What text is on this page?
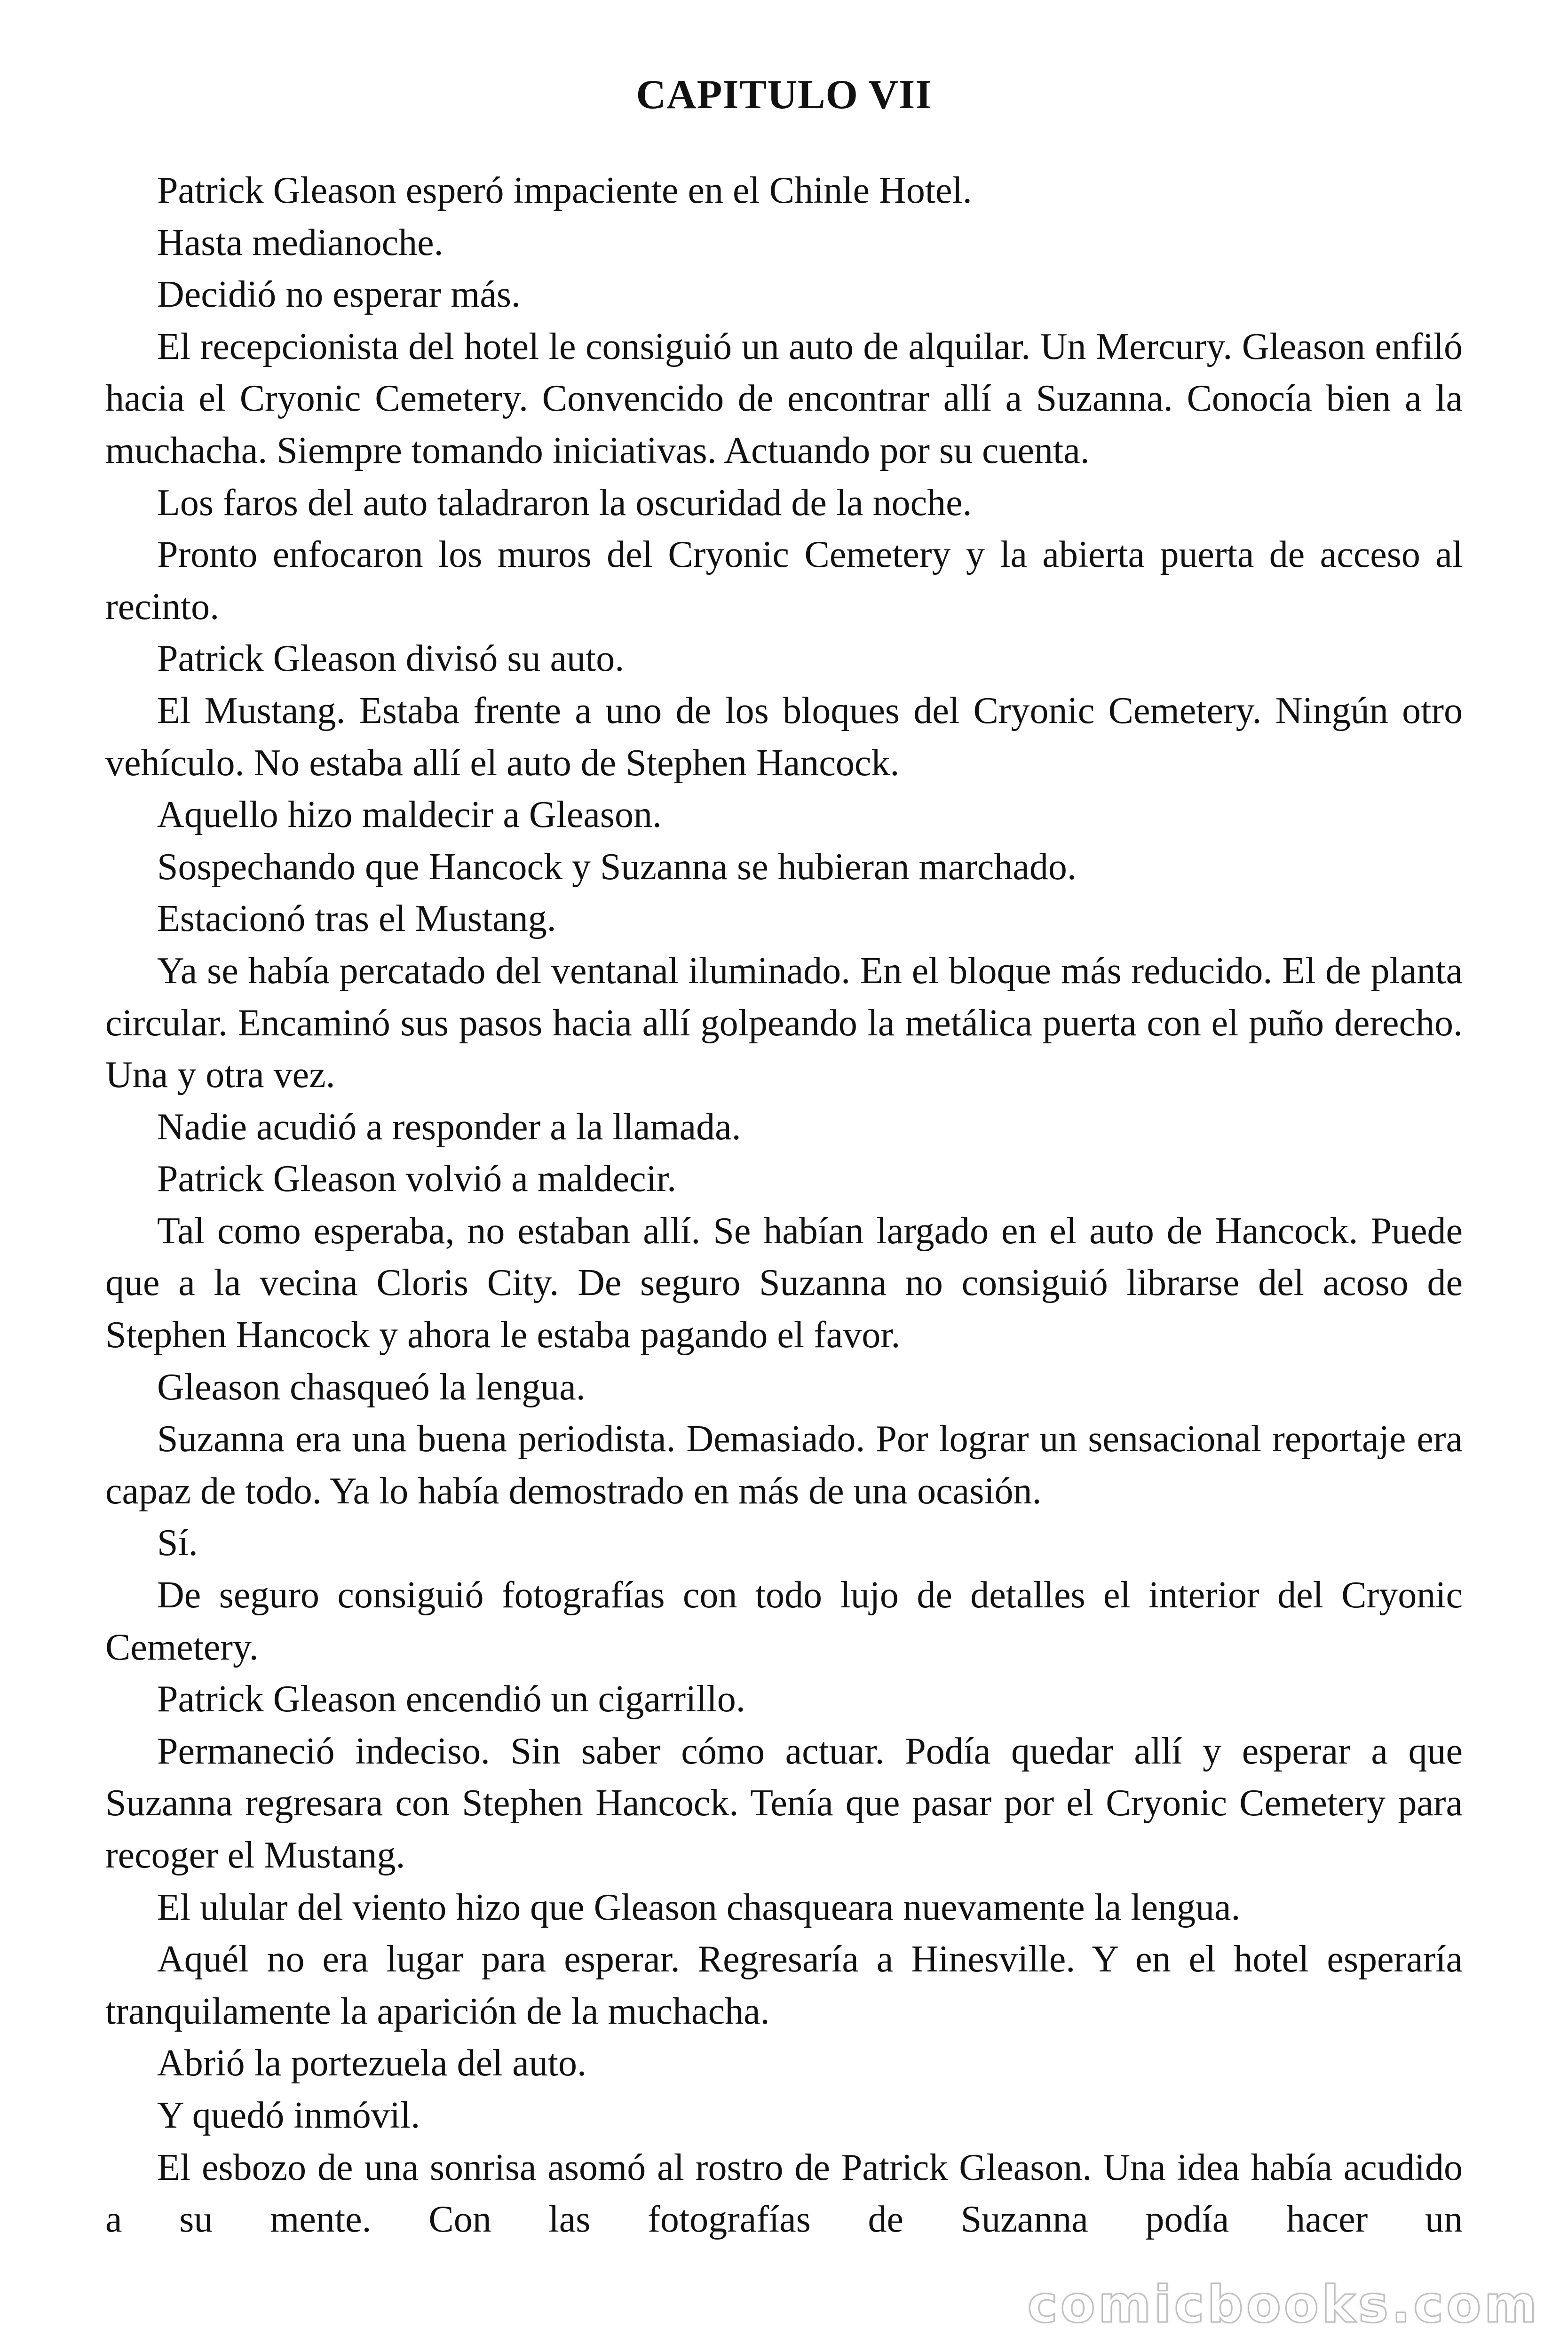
CAPITULO VII

Patrick Gleason esperó impaciente en el Chinle Hotel.

Hasta medianoche.

Decidió no esperar más.

El recepcionista del hotel le consiguió un auto de alquilar. Un Mercury. Gleason enfiló hacia el Cryonic Cemetery. Convencido de encontrar allí a Suzanna. Conocía bien a la muchacha. Siempre tomando iniciativas. Actuando por su cuenta.

Los faros del auto taladraron la oscuridad de la noche.

Pronto enfocaron los muros del Cryonic Cemetery y la abierta puerta de acceso al recinto.

Patrick Gleason divisó su auto.

El Mustang. Estaba frente a uno de los bloques del Cryonic Cemetery. Ningún otro vehículo. No estaba allí el auto de Stephen Hancock.

Aquello hizo maldecir a Gleason.

Sospechando que Hancock y Suzanna se hubieran marchado.

Estacionó tras el Mustang.

Ya se había percatado del ventanal iluminado. En el bloque más reducido. El de planta circular. Encaminó sus pasos hacia allí golpeando la metálica puerta con el puño derecho. Una y otra vez.

Nadie acudió a responder a la llamada.

Patrick Gleason volvió a maldecir.

Tal como esperaba, no estaban allí. Se habían largado en el auto de Hancock. Puede que a la vecina Cloris City. De seguro Suzanna no consiguió librarse del acoso de Stephen Hancock y ahora le estaba pagando el favor.

Gleason chasqueó la lengua.

Suzanna era una buena periodista. Demasiado. Por lograr un sensacional reportaje era capaz de todo. Ya lo había demostrado en más de una ocasión.

Sí.

De seguro consiguió fotografías con todo lujo de detalles el interior del Cryonic Cemetery.

Patrick Gleason encendió un cigarrillo.

Permaneció indeciso. Sin saber cómo actuar. Podía quedar allí y esperar a que Suzanna regresara con Stephen Hancock. Tenía que pasar por el Cryonic Cemetery para recoger el Mustang.

El ulular del viento hizo que Gleason chasqueara nuevamente la lengua.

Aquél no era lugar para esperar. Regresaría a Hinesville. Y en el hotel esperaría tranquilamente la aparición de la muchacha.

Abrió la portezuela del auto.

Y quedó inmóvil.

El esbozo de una sonrisa asomó al rostro de Patrick Gleason. Una idea había acudido a su mente. Con las fotografías de Suzanna podía hacer un

comicbooks.com
